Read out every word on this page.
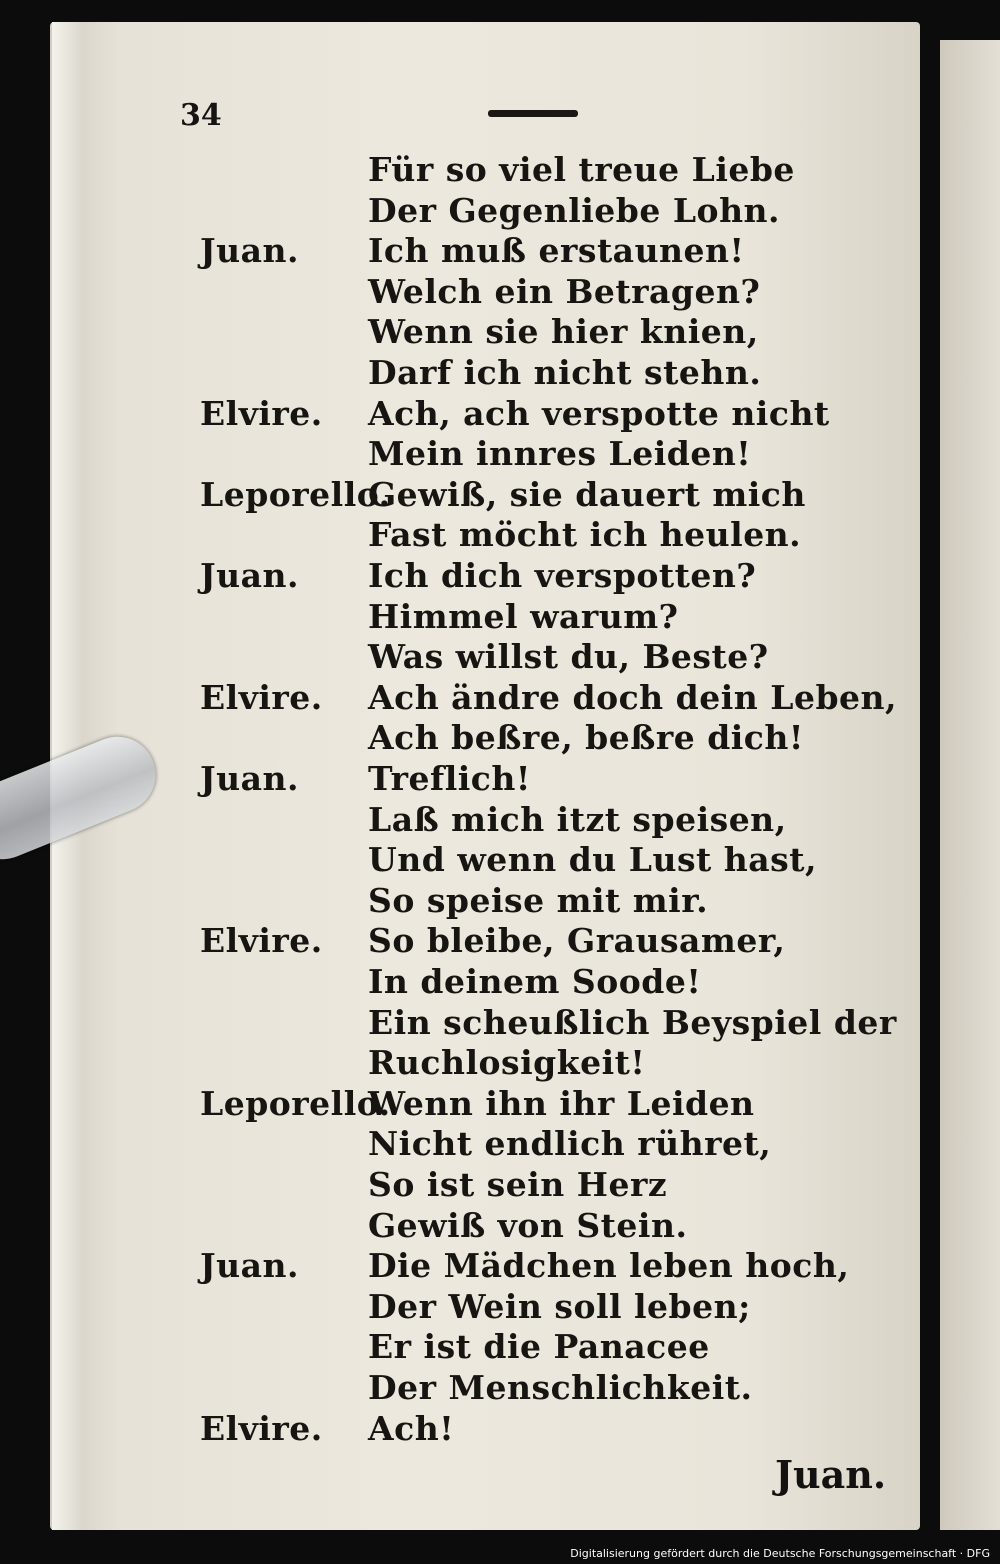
34
Für so viel treue Liebe
Der Gegenliebe Lohn.
Juan. Ich muß erstaunen!
Welch ein Betragen?
Wenn sie hier knien,
Darf ich nicht stehn.
Elvire. Ach, ach verspotte nicht
Mein innres Leiden!
Leporello.
Gewiß, sie dauert mich
Fast möcht ich heulen.
Juan. Ich dich verspotten?
Himmel warum?
Was willst du, Beste?
Elvire. Ach ändre doch dein Leben,
Ach beßre, beßre dich!
Juan. Treflich!
Laß mich itzt speisen,
Und wenn du Lust hast,
So speise mit mir.
Elvire. So bleibe, Grausamer,
In deinem Soode!
Ein scheußlich Beyspiel der
Ruchlosigkeit!
Leporello.
Wenn ihn ihr Leiden
Nicht endlich rühret,
So ist sein Herz
Gewiß von Stein.
Juan. Die Mädchen leben hoch,
Der Wein soll leben;
Er ist die Panacee
Der Menschlichkeit.
Elvire. Ach!
Juan.
Digitalisierung gefördert durch die Deutsche Forschungsgemeinschaft · DFG
